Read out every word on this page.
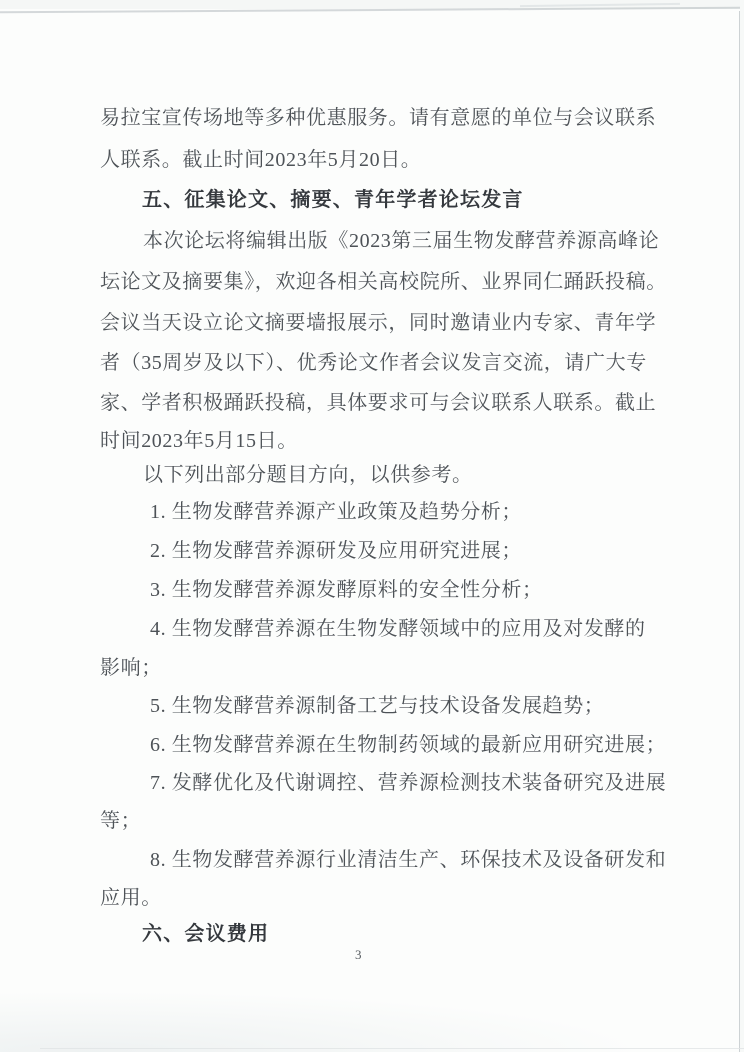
易拉宝宣传场地等多种优惠服务。请有意愿的单位与会议联系
人联系。截止时间2023年5月20日。
五、征集论文、摘要、青年学者论坛发言
本次论坛将编辑出版《2023第三届生物发酵营养源高峰论
坛论文及摘要集》，欢迎各相关高校院所、业界同仁踊跃投稿。
会议当天设立论文摘要墙报展示，同时邀请业内专家、青年学
者（35周岁及以下）、优秀论文作者会议发言交流，请广大专
家、学者积极踊跃投稿，具体要求可与会议联系人联系。截止
时间2023年5月15日。
以下列出部分题目方向，以供参考。
1. 生物发酵营养源产业政策及趋势分析；
2. 生物发酵营养源研发及应用研究进展；
3. 生物发酵营养源发酵原料的安全性分析；
4. 生物发酵营养源在生物发酵领域中的应用及对发酵的
影响；
5. 生物发酵营养源制备工艺与技术设备发展趋势；
6. 生物发酵营养源在生物制药领域的最新应用研究进展；
7. 发酵优化及代谢调控、营养源检测技术装备研究及进展
等；
8. 生物发酵营养源行业清洁生产、环保技术及设备研发和
应用。
六、会议费用
3
